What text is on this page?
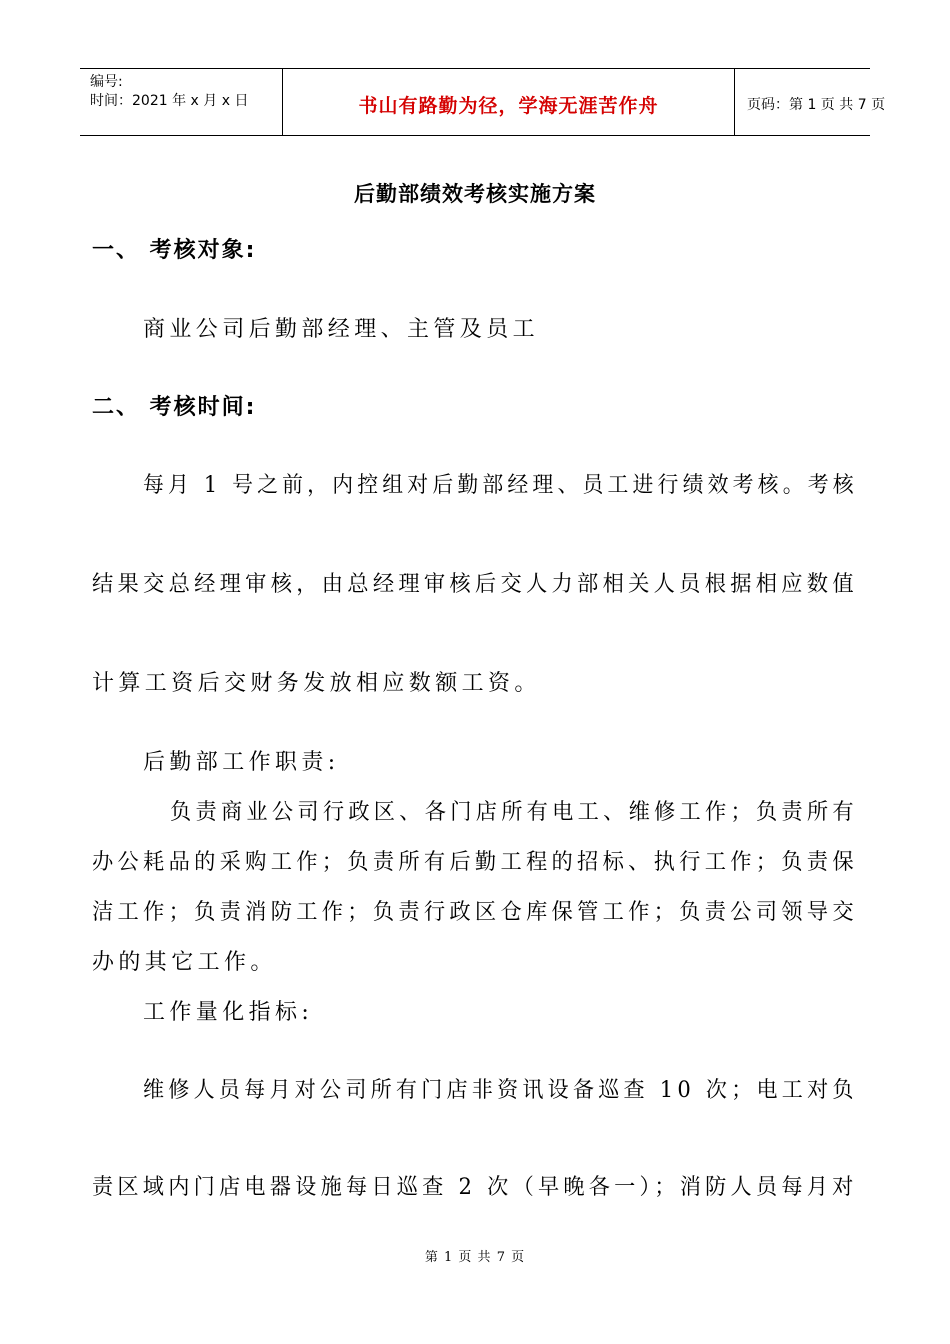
编号:
时间：2021 年 x 月 x 日	书山有路勤为径，学海无涯苦作舟	页码：第 1 页 共 7 页
后勤部绩效考核实施方案
一、 考核对象:
商业公司后勤部经理、主管及员工
二、 考核时间:
每月 1 号之前，内控组对后勤部经理、员工进行绩效考核。考核
结果交总经理审核，由总经理审核后交人力部相关人员根据相应数值
计算工资后交财务发放相应数额工资。
后勤部工作职责:
负责商业公司行政区、各门店所有电工、维修工作；负责所有
办公耗品的采购工作；负责所有后勤工程的招标、执行工作；负责保
洁工作；负责消防工作；负责行政区仓库保管工作；负责公司领导交
办的其它工作。
工作量化指标:
维修人员每月对公司所有门店非资讯设备巡查 10 次；电工对负
责区域内门店电器设施每日巡查 2 次（早晚各一）；消防人员每月对
第 1 页 共 7 页
